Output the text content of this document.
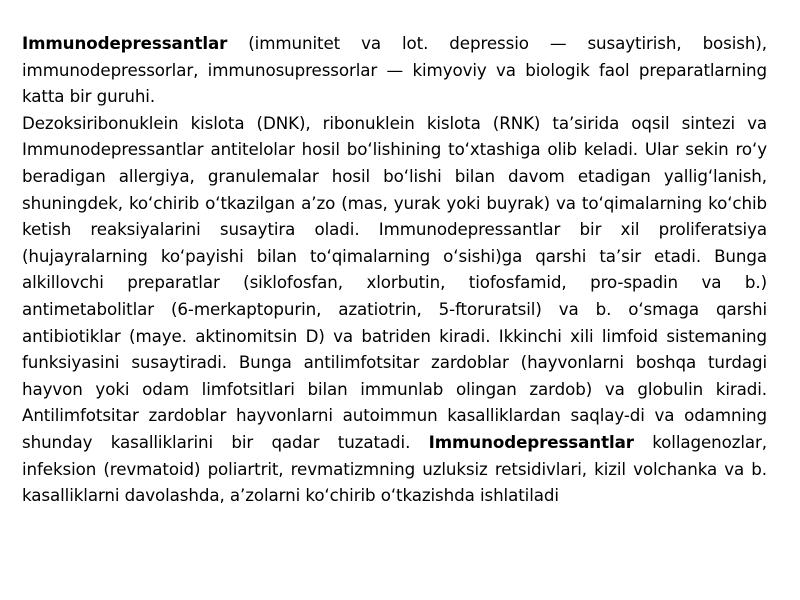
Immunodepressantlar (immunitet va lot. depressio — susaytirish, bosish), immunodepressorlar, immunosupressorlar — kimyoviy va biologik faol preparatlarning katta bir guruhi.

Dezoksiribonuklein kislota (DNK), ribonuklein kislota (RNK) ta’sirida oqsil sintezi va Immunodepressantlar antitelolar hosil boʻlishining toʻxtashiga olib keladi. Ular sekin roʻy beradigan allergiya, granulemalar hosil boʻlishi bilan davom etadigan yalligʻlanish, shuningdek, koʻchirib oʻtkazilgan a’zo (mas, yurak yoki buyrak) va toʻqimalarning koʻchib ketish reaksiyalarini susaytira oladi. Immunodepressantlar bir xil proliferatsiya (hujayralarning koʻpayishi bilan toʻqimalarning oʻsishi)ga qarshi ta’sir etadi. Bunga alkillovchi preparatlar (siklofosfan, xlorbutin, tiofosfamid, pro-spadin va b.) antimetabolitlar (6-merkaptopurin, azatiotrin, 5-ftoruratsil) va b. oʻsmaga qarshi antibiotiklar (maye. aktinomitsin D) va batriden kiradi. Ikkinchi xili limfoid sistemaning funksiyasini susaytiradi. Bunga antilimfotsitar zardoblar (hayvonlarni boshqa turdagi hayvon yoki odam limfotsitlari bilan immunlab olingan zardob) va globulin kiradi. Antilimfotsitar zardoblar hayvonlarni autoimmun kasalliklardan saqlay-di va odamning shunday kasalliklarini bir qadar tuzatadi. Immunodepressantlar kollagenozlar, infeksion (revmatoid) poliartrit, revmatizmning uzluksiz retsidivlari, kizil volchanka va b. kasalliklarni davolashda, a’zolarni koʻchirib oʻtkazishda ishlatiladi
